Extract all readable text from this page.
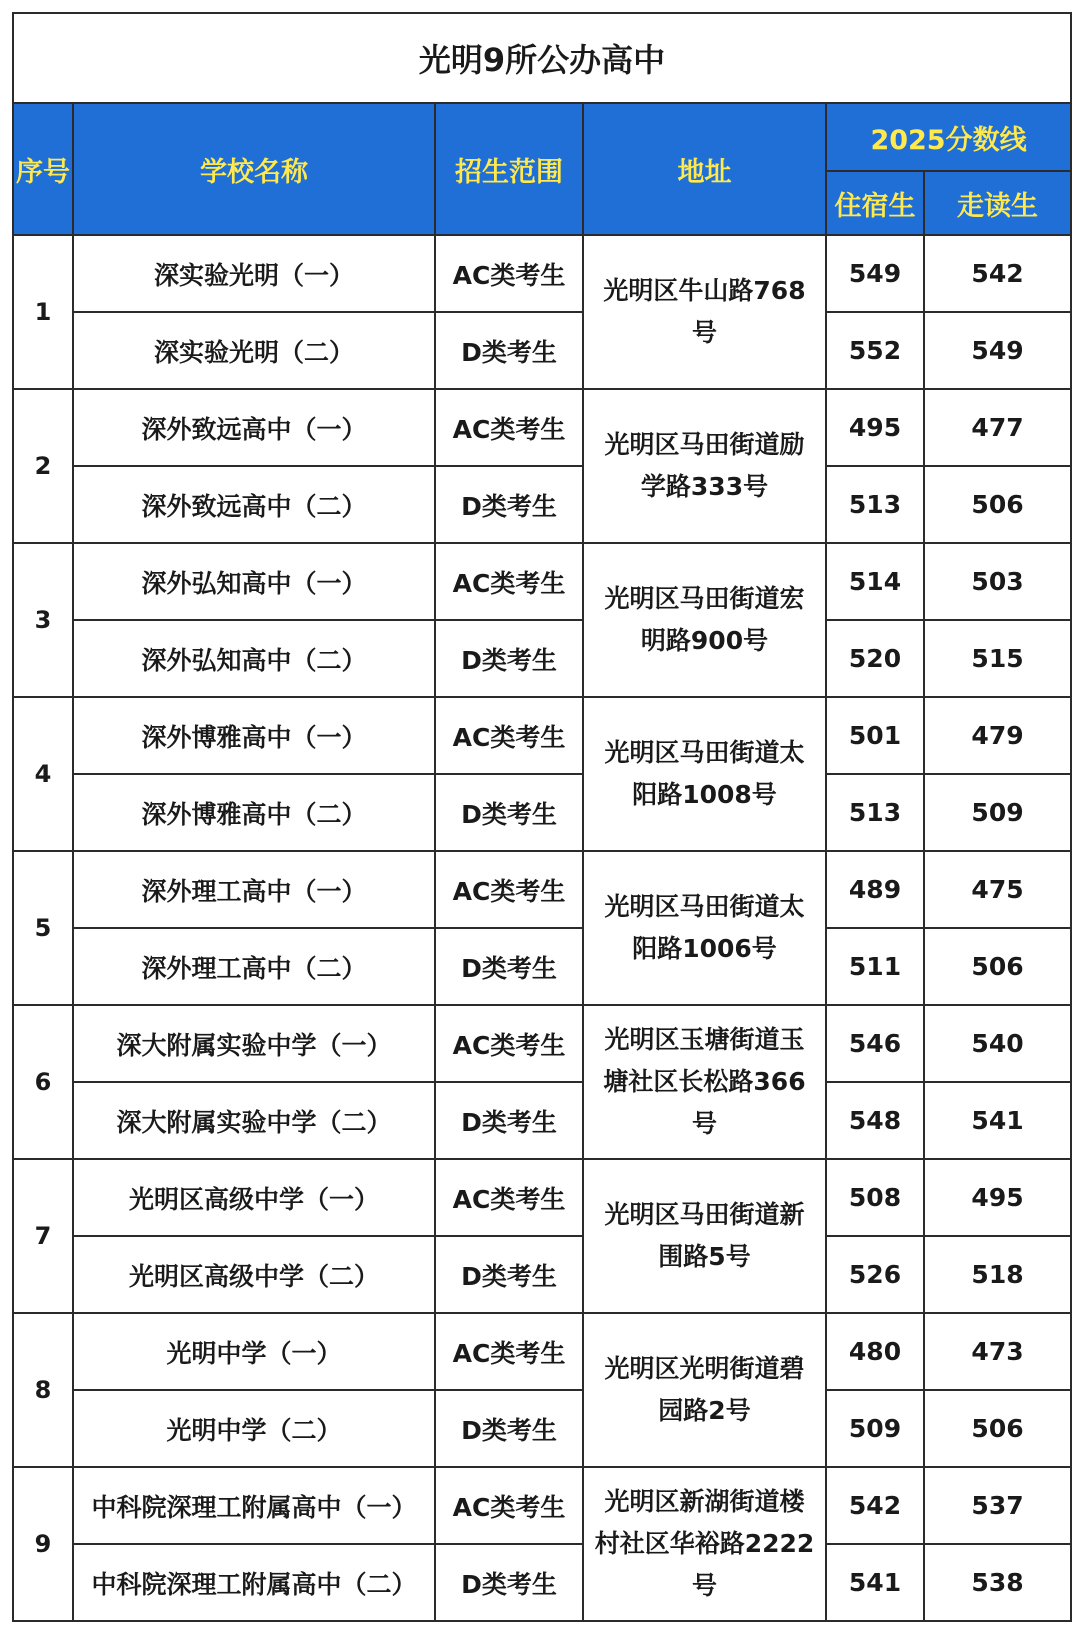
光明9所公办高中					
序号	学校名称	招生范围	地址	2025分数线	
				住宿生	走读生
1	深实验光明（一）	AC类考生	光明区牛山路768号	549	542
	深实验光明（二）	D类考生		552	549
2	深外致远高中（一）	AC类考生	光明区马田街道励学路333号	495	477
	深外致远高中（二）	D类考生		513	506
3	深外弘知高中（一）	AC类考生	光明区马田街道宏明路900号	514	503
	深外弘知高中（二）	D类考生		520	515
4	深外博雅高中（一）	AC类考生	光明区马田街道太阳路1008号	501	479
	深外博雅高中（二）	D类考生		513	509
5	深外理工高中（一）	AC类考生	光明区马田街道太阳路1006号	489	475
	深外理工高中（二）	D类考生		511	506
6	深大附属实验中学（一）	AC类考生	光明区玉塘街道玉塘社区长松路366号	546	540
	深大附属实验中学（二）	D类考生		548	541
7	光明区高级中学（一）	AC类考生	光明区马田街道新围路5号	508	495
	光明区高级中学（二）	D类考生		526	518
8	光明中学（一）	AC类考生	光明区光明街道碧园路2号	480	473
	光明中学（二）	D类考生		509	506
9	中科院深理工附属高中（一）	AC类考生	光明区新湖街道楼村社区华裕路2222号	542	537
	中科院深理工附属高中（二）	D类考生		541	538
